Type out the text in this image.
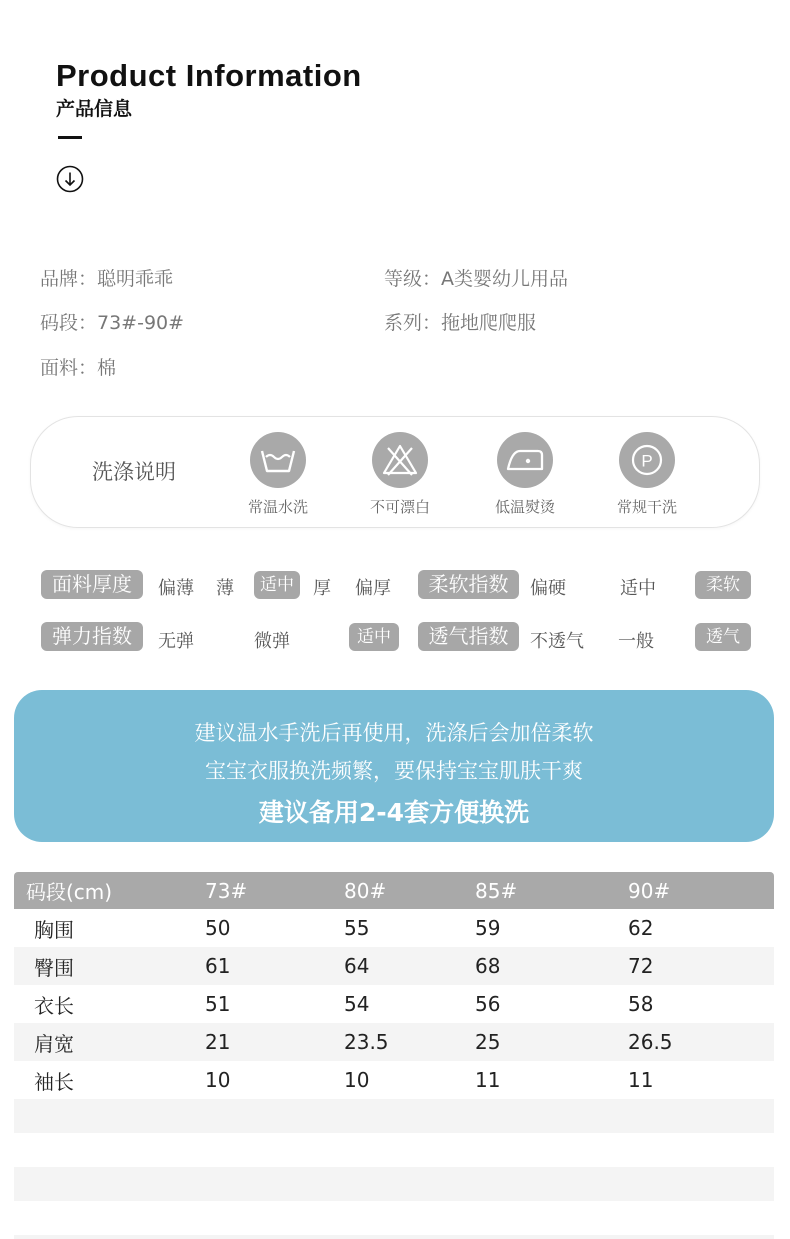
Product Information
产品信息
品牌：聪明乖乖	等级：A类婴幼儿用品
码段：73#-90#	系列：拖地爬爬服
面料：棉
洗涤说明
常温水洗	不可漂白	低温熨烫
P
常规干洗
面料厚度	偏薄 薄	适中	厚 偏厚	柔软指数	偏硬	适中	柔软
弹力指数	无弹	微弹	适中	透气指数	不透气 一般	透气
建议温水手洗后再使用，洗涤后会加倍柔软
宝宝衣服换洗频繁，要保持宝宝肌肤干爽
建议备用2-4套方便换洗
码段(cm)	73#	80#	85#	90#
胸围	50	55	59	62
臀围	61	64	68	72
衣长	51	54	56	58
肩宽	21	23.5	25	26.5
袖长	10	10	11	11
